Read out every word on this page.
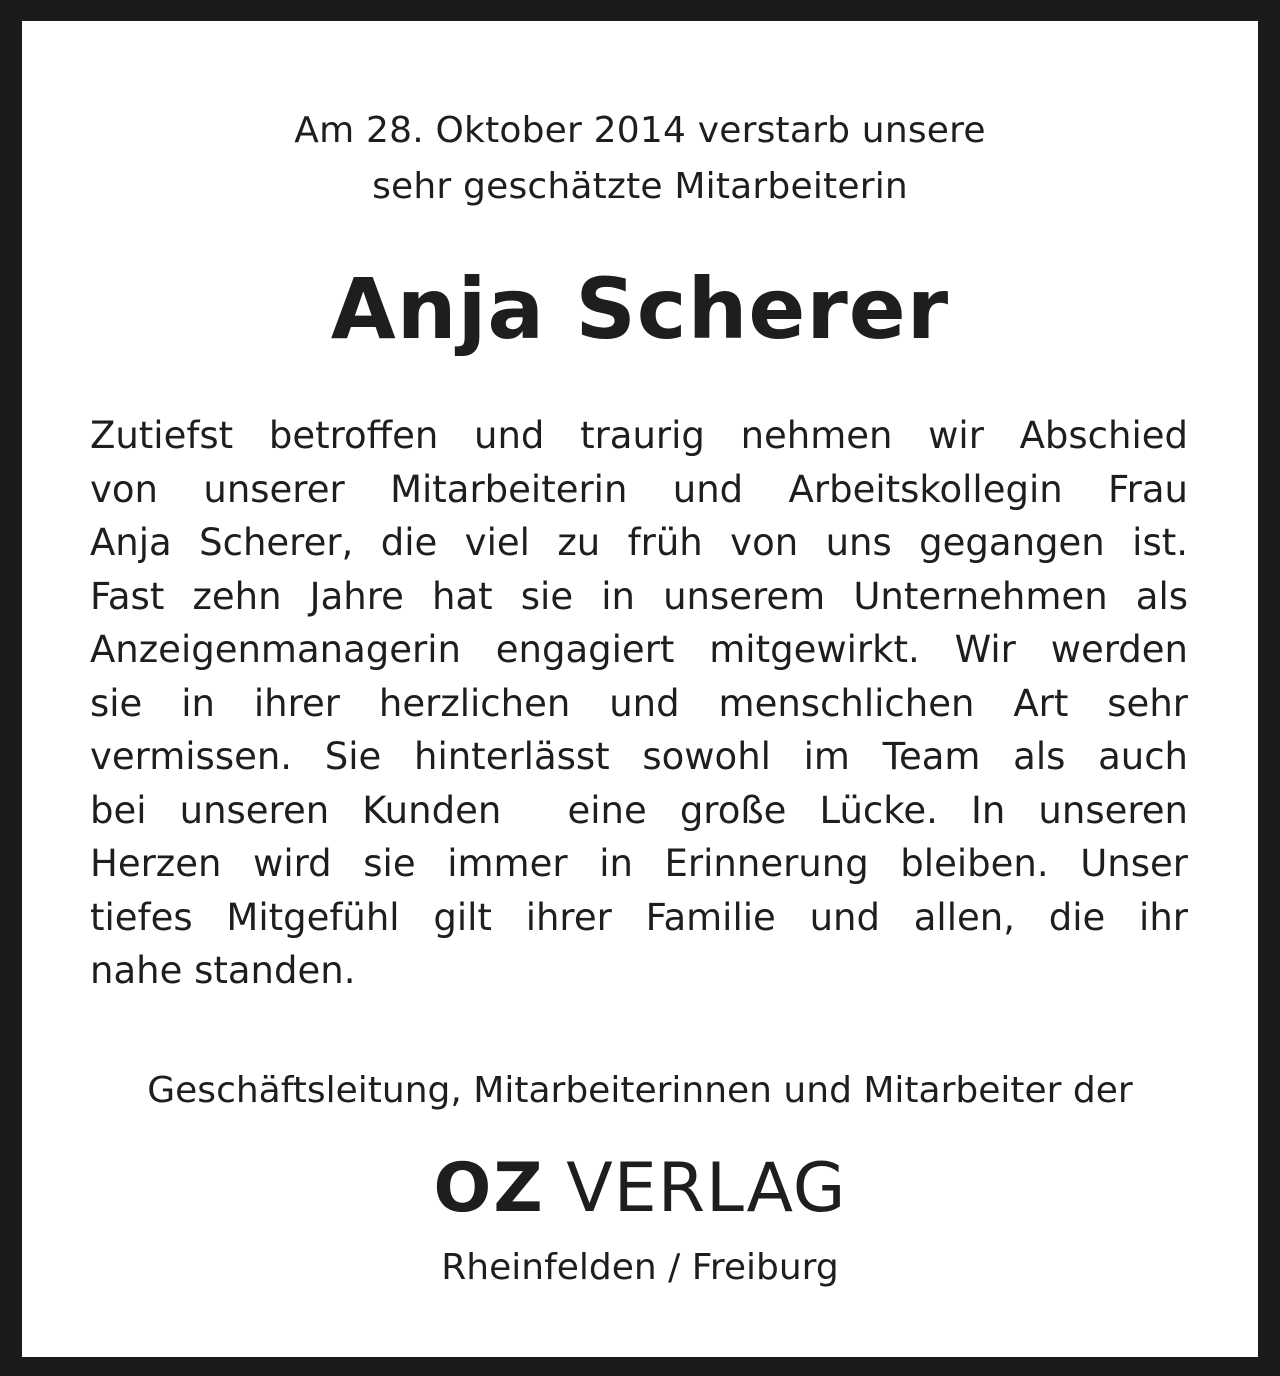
Am 28. Oktober 2014 verstarb unsere
sehr geschätzte Mitarbeiterin
Anja Scherer
Zutiefst betroffen und traurig nehmen wir Abschied
von unserer Mitarbeiterin und Arbeitskollegin Frau
Anja Scherer, die viel zu früh von uns gegangen ist.
Fast zehn Jahre hat sie in unserem Unternehmen als
Anzeigenmanagerin engagiert mitgewirkt. Wir werden
sie in ihrer herzlichen und menschlichen Art sehr
vermissen. Sie hinterlässt sowohl im Team als auch
bei unseren Kunden  eine große Lücke. In unseren
Herzen wird sie immer in Erinnerung bleiben. Unser
tiefes Mitgefühl gilt ihrer Familie und allen, die ihr
nahe standen.
Geschäftsleitung, Mitarbeiterinnen und Mitarbeiter der
OZ VERLAG
Rheinfelden / Freiburg
